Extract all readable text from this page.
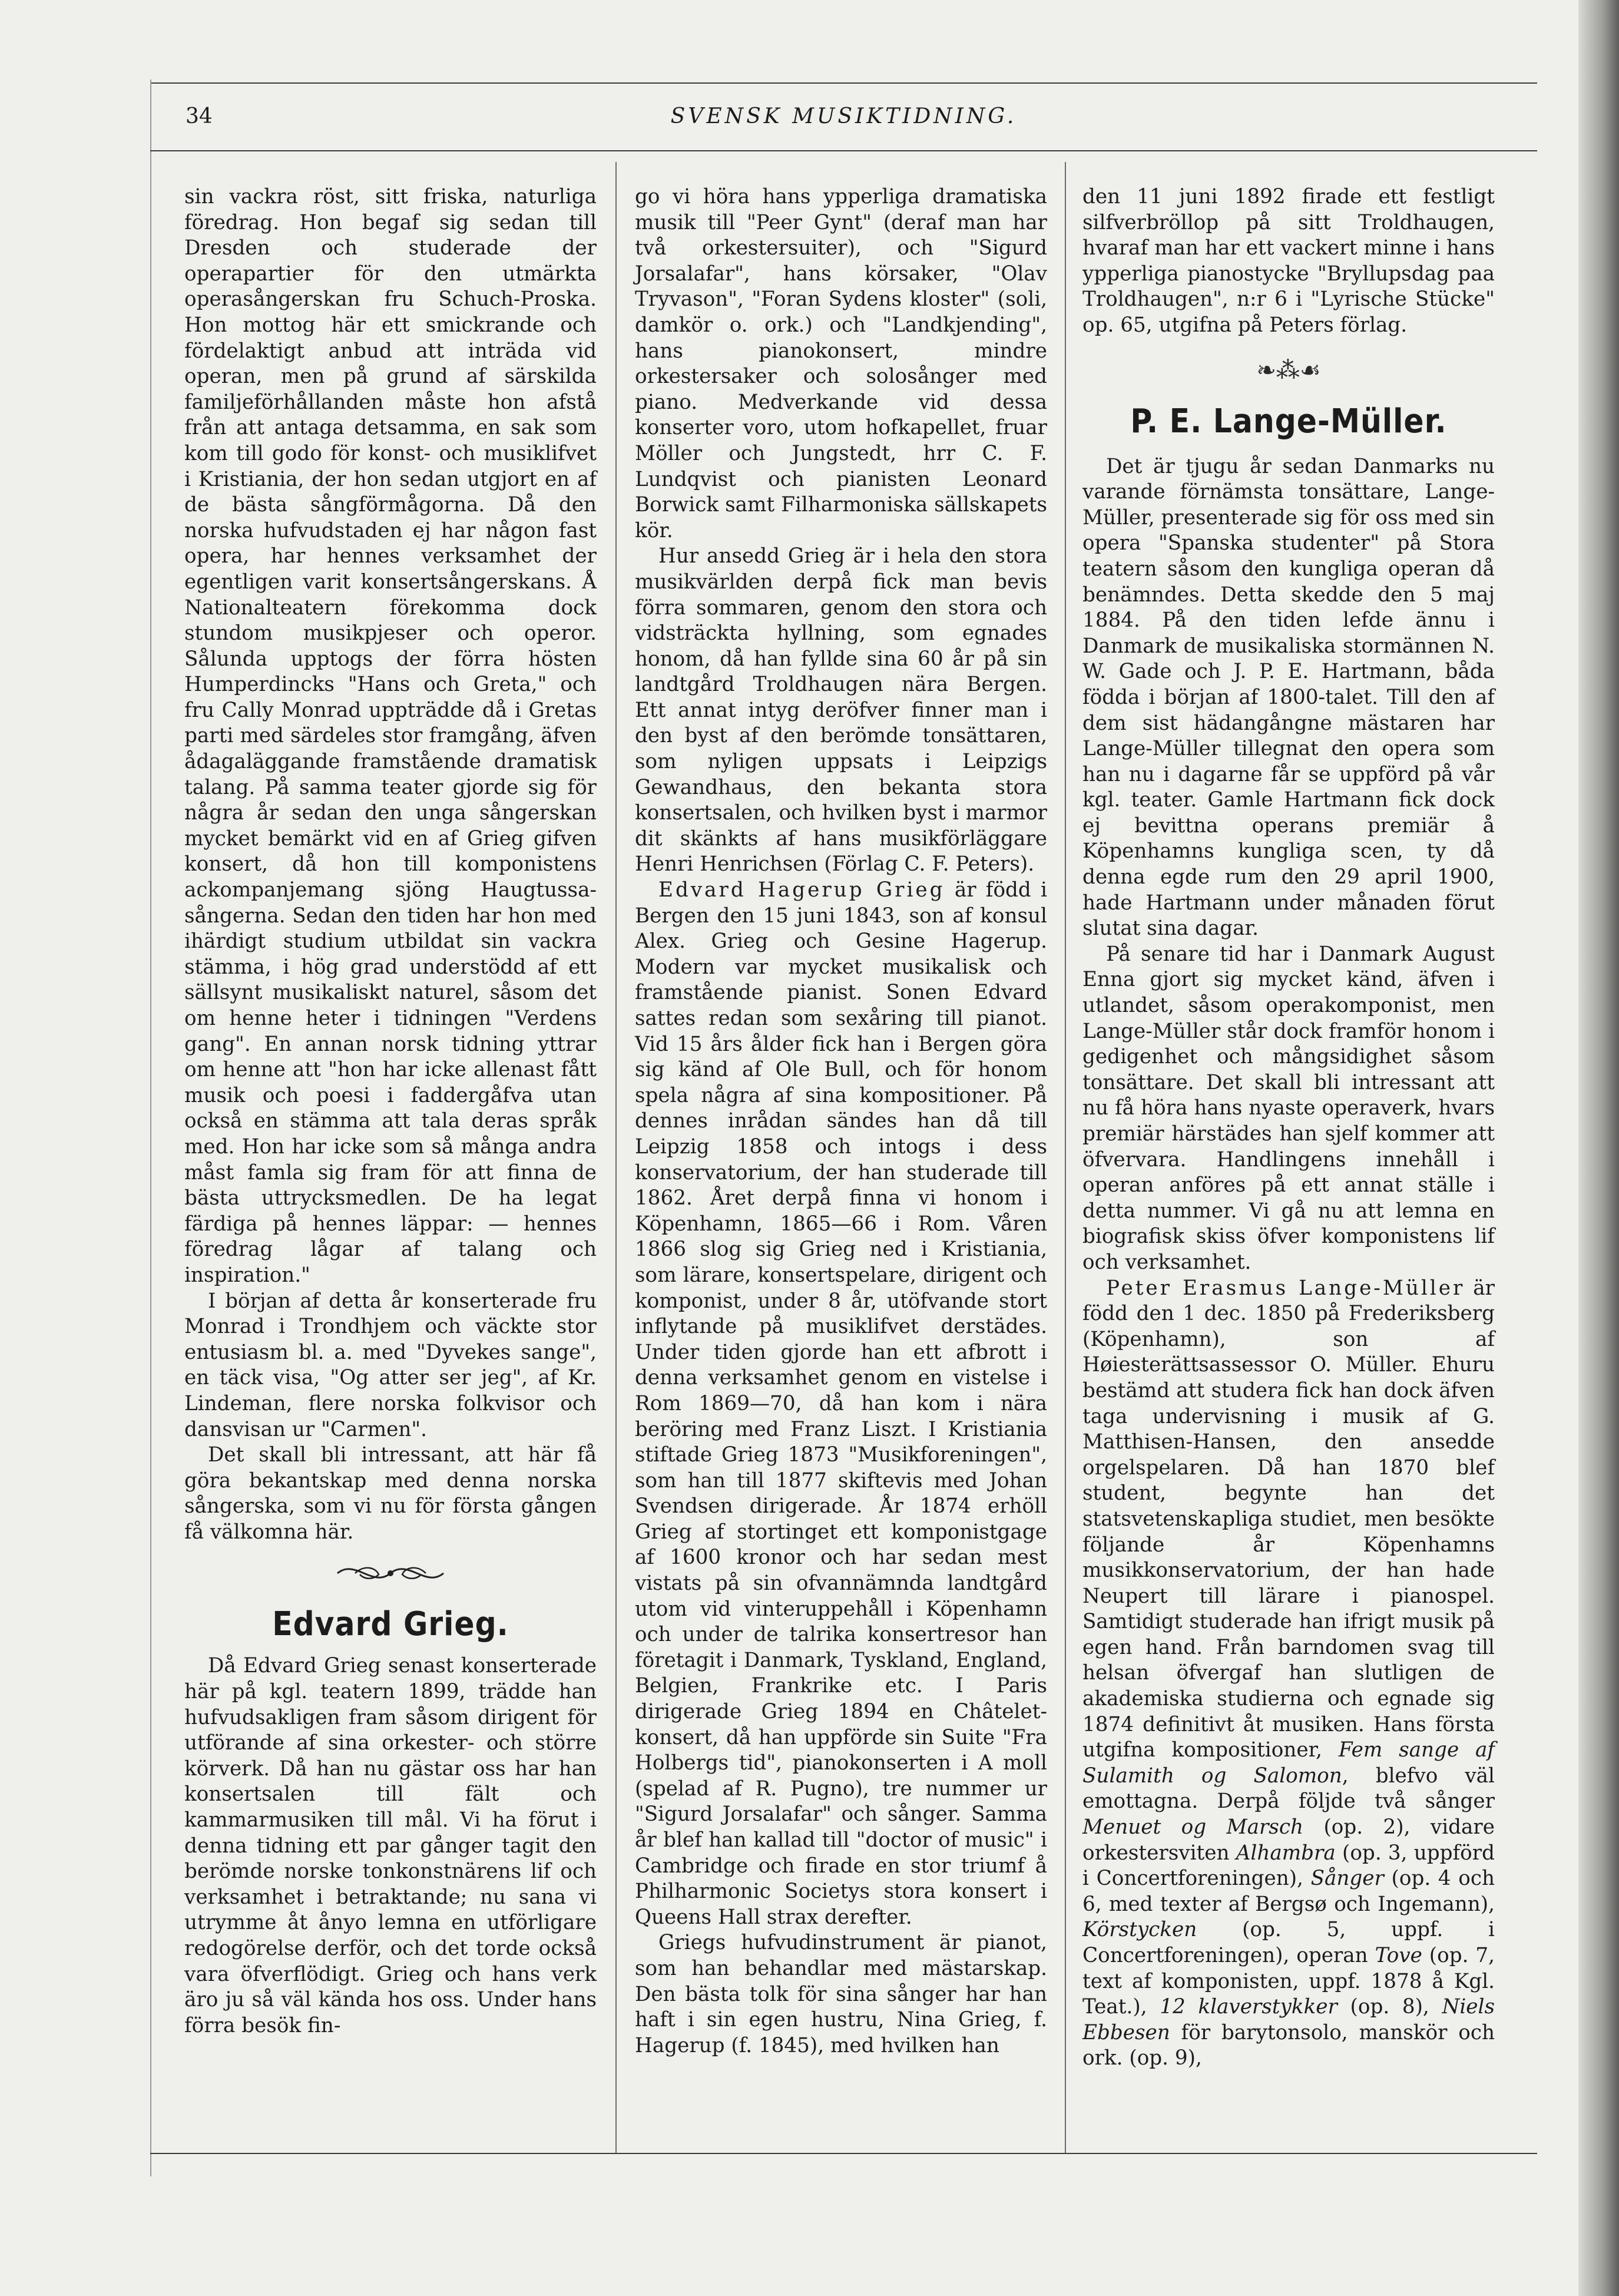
34	SVENSK MUSIKTIDNING.

sin vackra röst, sitt friska, naturliga föredrag. Hon begaf sig sedan till Dresden och studerade der operapartier för den utmärkta operasångerskan fru Schuch-Proska. Hon mottog här ett smickrande och fördelaktigt anbud att inträda vid operan, men på grund af särskilda familjeförhållanden måste hon afstå från att antaga detsamma, en sak som kom till godo för konst- och musiklifvet i Kristiania, der hon sedan utgjort en af de bästa sångförmågorna. Då den norska hufvudstaden ej har någon fast opera, har hennes verksamhet der egentligen varit konsertsångerskans. Å Nationalteatern förekomma dock stundom musikpjeser och operor. Sålunda upptogs der förra hösten Humperdincks "Hans och Greta," och fru Cally Monrad uppträdde då i Gretas parti med särdeles stor framgång, äfven ådagaläggande framstående dramatisk talang. På samma teater gjorde sig för några år sedan den unga sångerskan mycket bemärkt vid en af Grieg gifven konsert, då hon till komponistens ackompanjemang sjöng Haugtussa-sångerna. Sedan den tiden har hon med ihärdigt studium utbildat sin vackra stämma, i hög grad understödd af ett sällsynt musikaliskt naturel, såsom det om henne heter i tidningen "Verdens gang". En annan norsk tidning yttrar om henne att "hon har icke allenast fått musik och poesi i faddergåfva utan också en stämma att tala deras språk med. Hon har icke som så många andra måst famla sig fram för att finna de bästa uttrycksmedlen. De ha legat färdiga på hennes läppar: — hennes föredrag lågar af talang och inspiration."

I början af detta år konserterade fru Monrad i Trondhjem och väckte stor entusiasm bl. a. med "Dyvekes sange", en täck visa, "Og atter ser jeg", af Kr. Lindeman, flere norska folkvisor och dansvisan ur "Carmen".

Det skall bli intressant, att här få göra bekantskap med denna norska sångerska, som vi nu för första gången få välkomna här.

Edvard Grieg.

Då Edvard Grieg senast konserterade här på kgl. teatern 1899, trädde han hufvudsakligen fram såsom dirigent för utförande af sina orkester- och större körverk. Då han nu gästar oss har han konsertsalen till fält och kammarmusiken till mål. Vi ha förut i denna tidning ett par gånger tagit den berömde norske tonkonstnärens lif och verksamhet i betraktande; nu sana vi utrymme åt ånyo lemna en utförligare redogörelse derför, och det torde också vara öfverflödigt. Grieg och hans verk äro ju så väl kända hos oss. Under hans förra besök fin-

go vi höra hans ypperliga dramatiska musik till "Peer Gynt" (deraf man har två orkestersuiter), och "Sigurd Jorsalafar", hans körsaker, "Olav Tryvason", "Foran Sydens kloster" (soli, damkör o. ork.) och "Landkjending", hans pianokonsert, mindre orkestersaker och solosånger med piano. Medverkande vid dessa konserter voro, utom hofkapellet, fruar Möller och Jungstedt, hrr C. F. Lundqvist och pianisten Leonard Borwick samt Filharmoniska sällskapets kör.

Hur ansedd Grieg är i hela den stora musikvärlden derpå fick man bevis förra sommaren, genom den stora och vidsträckta hyllning, som egnades honom, då han fyllde sina 60 år på sin landtgård Troldhaugen nära Bergen. Ett annat intyg deröfver finner man i den byst af den berömde tonsättaren, som nyligen uppsats i Leipzigs Gewandhaus, den bekanta stora konsertsalen, och hvilken byst i marmor dit skänkts af hans musikförläggare Henri Henrichsen (Förlag C. F. Peters).

Edvard Hagerup Grieg är född i Bergen den 15 juni 1843, son af konsul Alex. Grieg och Gesine Hagerup. Modern var mycket musikalisk och framstående pianist. Sonen Edvard sattes redan som sexåring till pianot. Vid 15 års ålder fick han i Bergen göra sig känd af Ole Bull, och för honom spela några af sina kompositioner. På dennes inrådan sändes han då till Leipzig 1858 och intogs i dess konservatorium, der han studerade till 1862. Året derpå finna vi honom i Köpenhamn, 1865—66 i Rom. Våren 1866 slog sig Grieg ned i Kristiania, som lärare, konsertspelare, dirigent och komponist, under 8 år, utöfvande stort inflytande på musiklifvet derstädes. Under tiden gjorde han ett afbrott i denna verksamhet genom en vistelse i Rom 1869—70, då han kom i nära beröring med Franz Liszt. I Kristiania stiftade Grieg 1873 "Musikforeningen", som han till 1877 skiftevis med Johan Svendsen dirigerade. År 1874 erhöll Grieg af stortinget ett komponistgage af 1600 kronor och har sedan mest vistats på sin ofvannämnda landtgård utom vid vinteruppehåll i Köpenhamn och under de talrika konsertresor han företagit i Danmark, Tyskland, England, Belgien, Frankrike etc. I Paris dirigerade Grieg 1894 en Châtelet-konsert, då han uppförde sin Suite "Fra Holbergs tid", pianokonserten i A moll (spelad af R. Pugno), tre nummer ur "Sigurd Jorsalafar" och sånger. Samma år blef han kallad till "doctor of music" i Cambridge och firade en stor triumf å Philharmonic Societys stora konsert i Queens Hall strax derefter.

Griegs hufvudinstrument är pianot, som han behandlar med mästarskap. Den bästa tolk för sina sånger har han haft i sin egen hustru, Nina Grieg, f. Hagerup (f. 1845), med hvilken han

den 11 juni 1892 firade ett festligt silfverbröllop på sitt Troldhaugen, hvaraf man har ett vackert minne i hans ypperliga pianostycke "Bryllupsdag paa Troldhaugen", n:r 6 i "Lyrische Stücke" op. 65, utgifna på Peters förlag.

❧⁂☙
P. E. Lange-Müller.

Det är tjugu år sedan Danmarks nu varande förnämsta tonsättare, Lange-Müller, presenterade sig för oss med sin opera "Spanska studenter" på Stora teatern såsom den kungliga operan då benämndes. Detta skedde den 5 maj 1884. På den tiden lefde ännu i Danmark de musikaliska stormännen N. W. Gade och J. P. E. Hartmann, båda födda i början af 1800-talet. Till den af dem sist hädangångne mästaren har Lange-Müller tillegnat den opera som han nu i dagarne får se uppförd på vår kgl. teater. Gamle Hartmann fick dock ej bevittna operans premiär å Köpenhamns kungliga scen, ty då denna egde rum den 29 april 1900, hade Hartmann under månaden förut slutat sina dagar.

På senare tid har i Danmark August Enna gjort sig mycket känd, äfven i utlandet, såsom operakomponist, men Lange-Müller står dock framför honom i gedigenhet och mångsidighet såsom tonsättare. Det skall bli intressant att nu få höra hans nyaste operaverk, hvars premiär härstädes han sjelf kommer att öfvervara. Handlingens innehåll i operan anföres på ett annat ställe i detta nummer. Vi gå nu att lemna en biografisk skiss öfver komponistens lif och verksamhet.

Peter Erasmus Lange-Müller är född den 1 dec. 1850 på Frederiksberg (Köpenhamn), son af Høiesterättsassessor O. Müller. Ehuru bestämd att studera fick han dock äfven taga undervisning i musik af G. Matthisen-Hansen, den ansedde orgelspelaren. Då han 1870 blef student, begynte han det statsvetenskapliga studiet, men besökte följande år Köpenhamns musikkonservatorium, der han hade Neupert till lärare i pianospel. Samtidigt studerade han ifrigt musik på egen hand. Från barndomen svag till helsan öfvergaf han slutligen de akademiska studierna och egnade sig 1874 definitivt åt musiken. Hans första utgifna kompositioner, Fem sange af Sulamith og Salomon, blefvo väl emottagna. Derpå följde två sånger Menuet og Marsch (op. 2), vidare orkestersviten Alhambra (op. 3, uppförd i Concertforeningen), Sånger (op. 4 och 6, med texter af Bergsø och Ingemann), Körstycken (op. 5, uppf. i Concertforeningen), operan Tove (op. 7, text af komponisten, uppf. 1878 å Kgl. Teat.), 12 klaverstykker (op. 8), Niels Ebbesen för barytonsolo, manskör och ork. (op. 9),
